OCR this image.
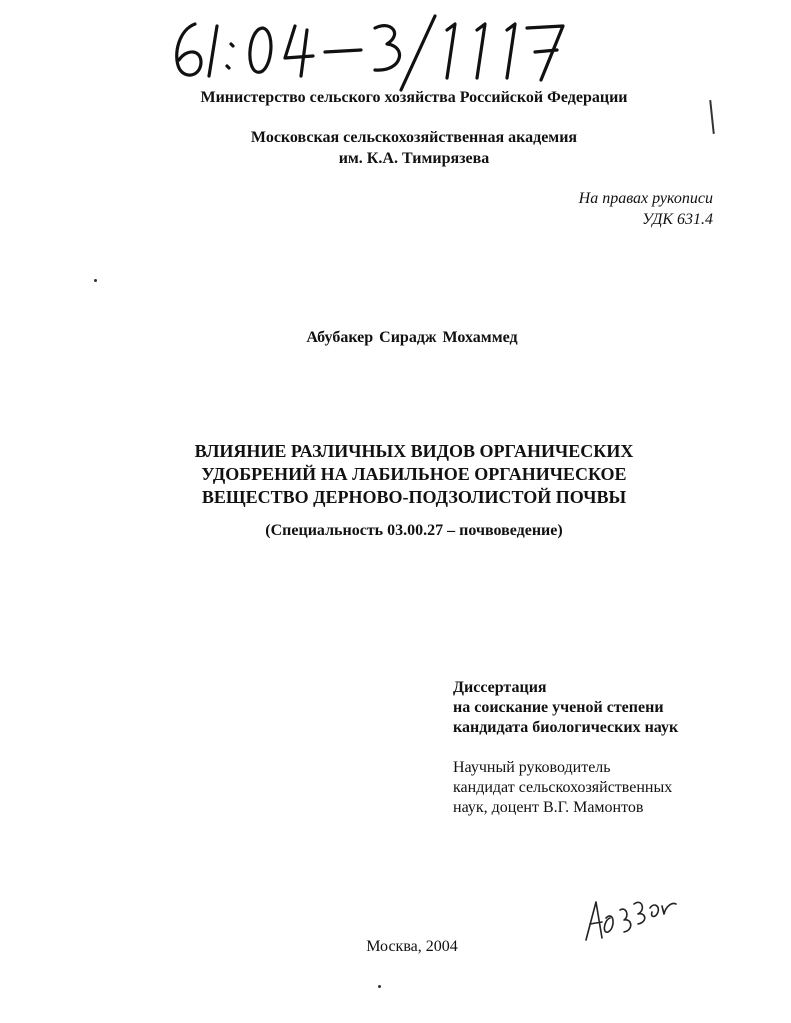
61:04-3/1117	Министерство сельского хозяйства Российской Федерации
Московская сельскохозяйственная академия
им. К.А. Тимирязева
На правах рукописи
УДК 631.4
Абубакер Сирадж Мохаммед
ВЛИЯНИЕ РАЗЛИЧНЫХ ВИДОВ ОРГАНИЧЕСКИХ
УДОБРЕНИЙ НА ЛАБИЛЬНОЕ ОРГАНИЧЕСКОЕ
ВЕЩЕСТВО ДЕРНОВО-ПОДЗОЛИСТОЙ ПОЧВЫ
(Специальность 03.00.27 – почвоведение)
Диссертация
на соискание ученой степени
кандидата биологических наук
Научный руководитель
кандидат сельскохозяйственных
наук, доцент В.Г. Мамонтов
Абубак
Москва, 2004
